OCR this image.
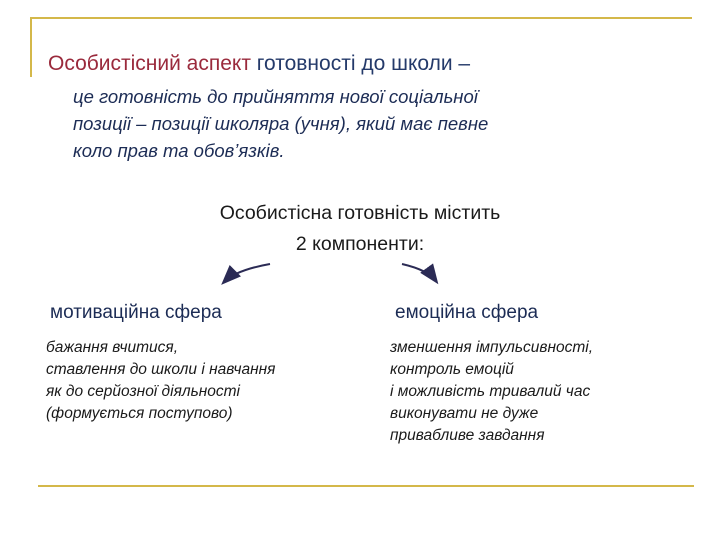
Особистісний аспект готовності до школи –
це готовність до прийняття нової соціальної
позиції – позиції школяра (учня), який має певне
коло прав та обов’язків.
Особистісна готовність містить
2 компоненти:
мотиваційна сфера	емоційна сфера
бажання вчитися,
ставлення до школи і навчання
як до серйозної діяльності
(формується поступово)
зменшення імпульсивності,
контроль емоцій
і можливість тривалий час
виконувати не дуже
привабливе завдання
